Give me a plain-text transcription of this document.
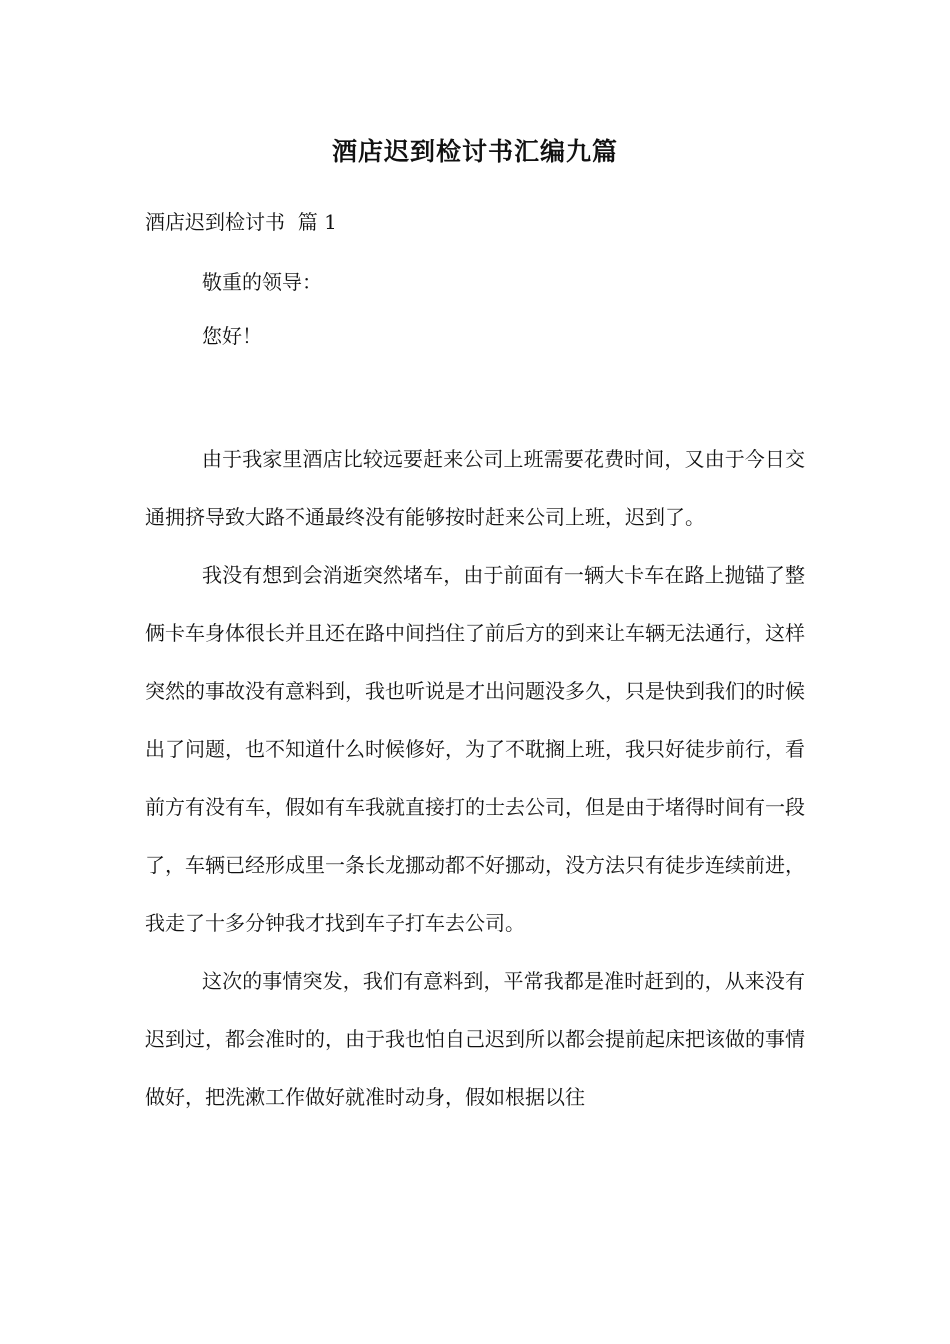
酒店迟到检讨书汇编九篇
酒店迟到检讨书  篇 1
敬重的领导：
您好！

由于我家里酒店比较远要赶来公司上班需要花费时间，又由于今日交通拥挤导致大路不通最终没有能够按时赶来公司上班，迟到了。

我没有想到会消逝突然堵车，由于前面有一辆大卡车在路上抛锚了整俩卡车身体很长并且还在路中间挡住了前后方的到来让车辆无法通行，这样突然的事故没有意料到，我也听说是才出问题没多久，只是快到我们的时候出了问题，也不知道什么时候修好，为了不耽搁上班，我只好徒步前行，看前方有没有车，假如有车我就直接打的士去公司，但是由于堵得时间有一段了，车辆已经形成里一条长龙挪动都不好挪动，没方法只有徒步连续前进，我走了十多分钟我才找到车子打车去公司。

这次的事情突发，我们有意料到，平常我都是准时赶到的，从来没有迟到过，都会准时的，由于我也怕自己迟到所以都会提前起床把该做的事情做好，把洗漱工作做好就准时动身，假如根据以往
